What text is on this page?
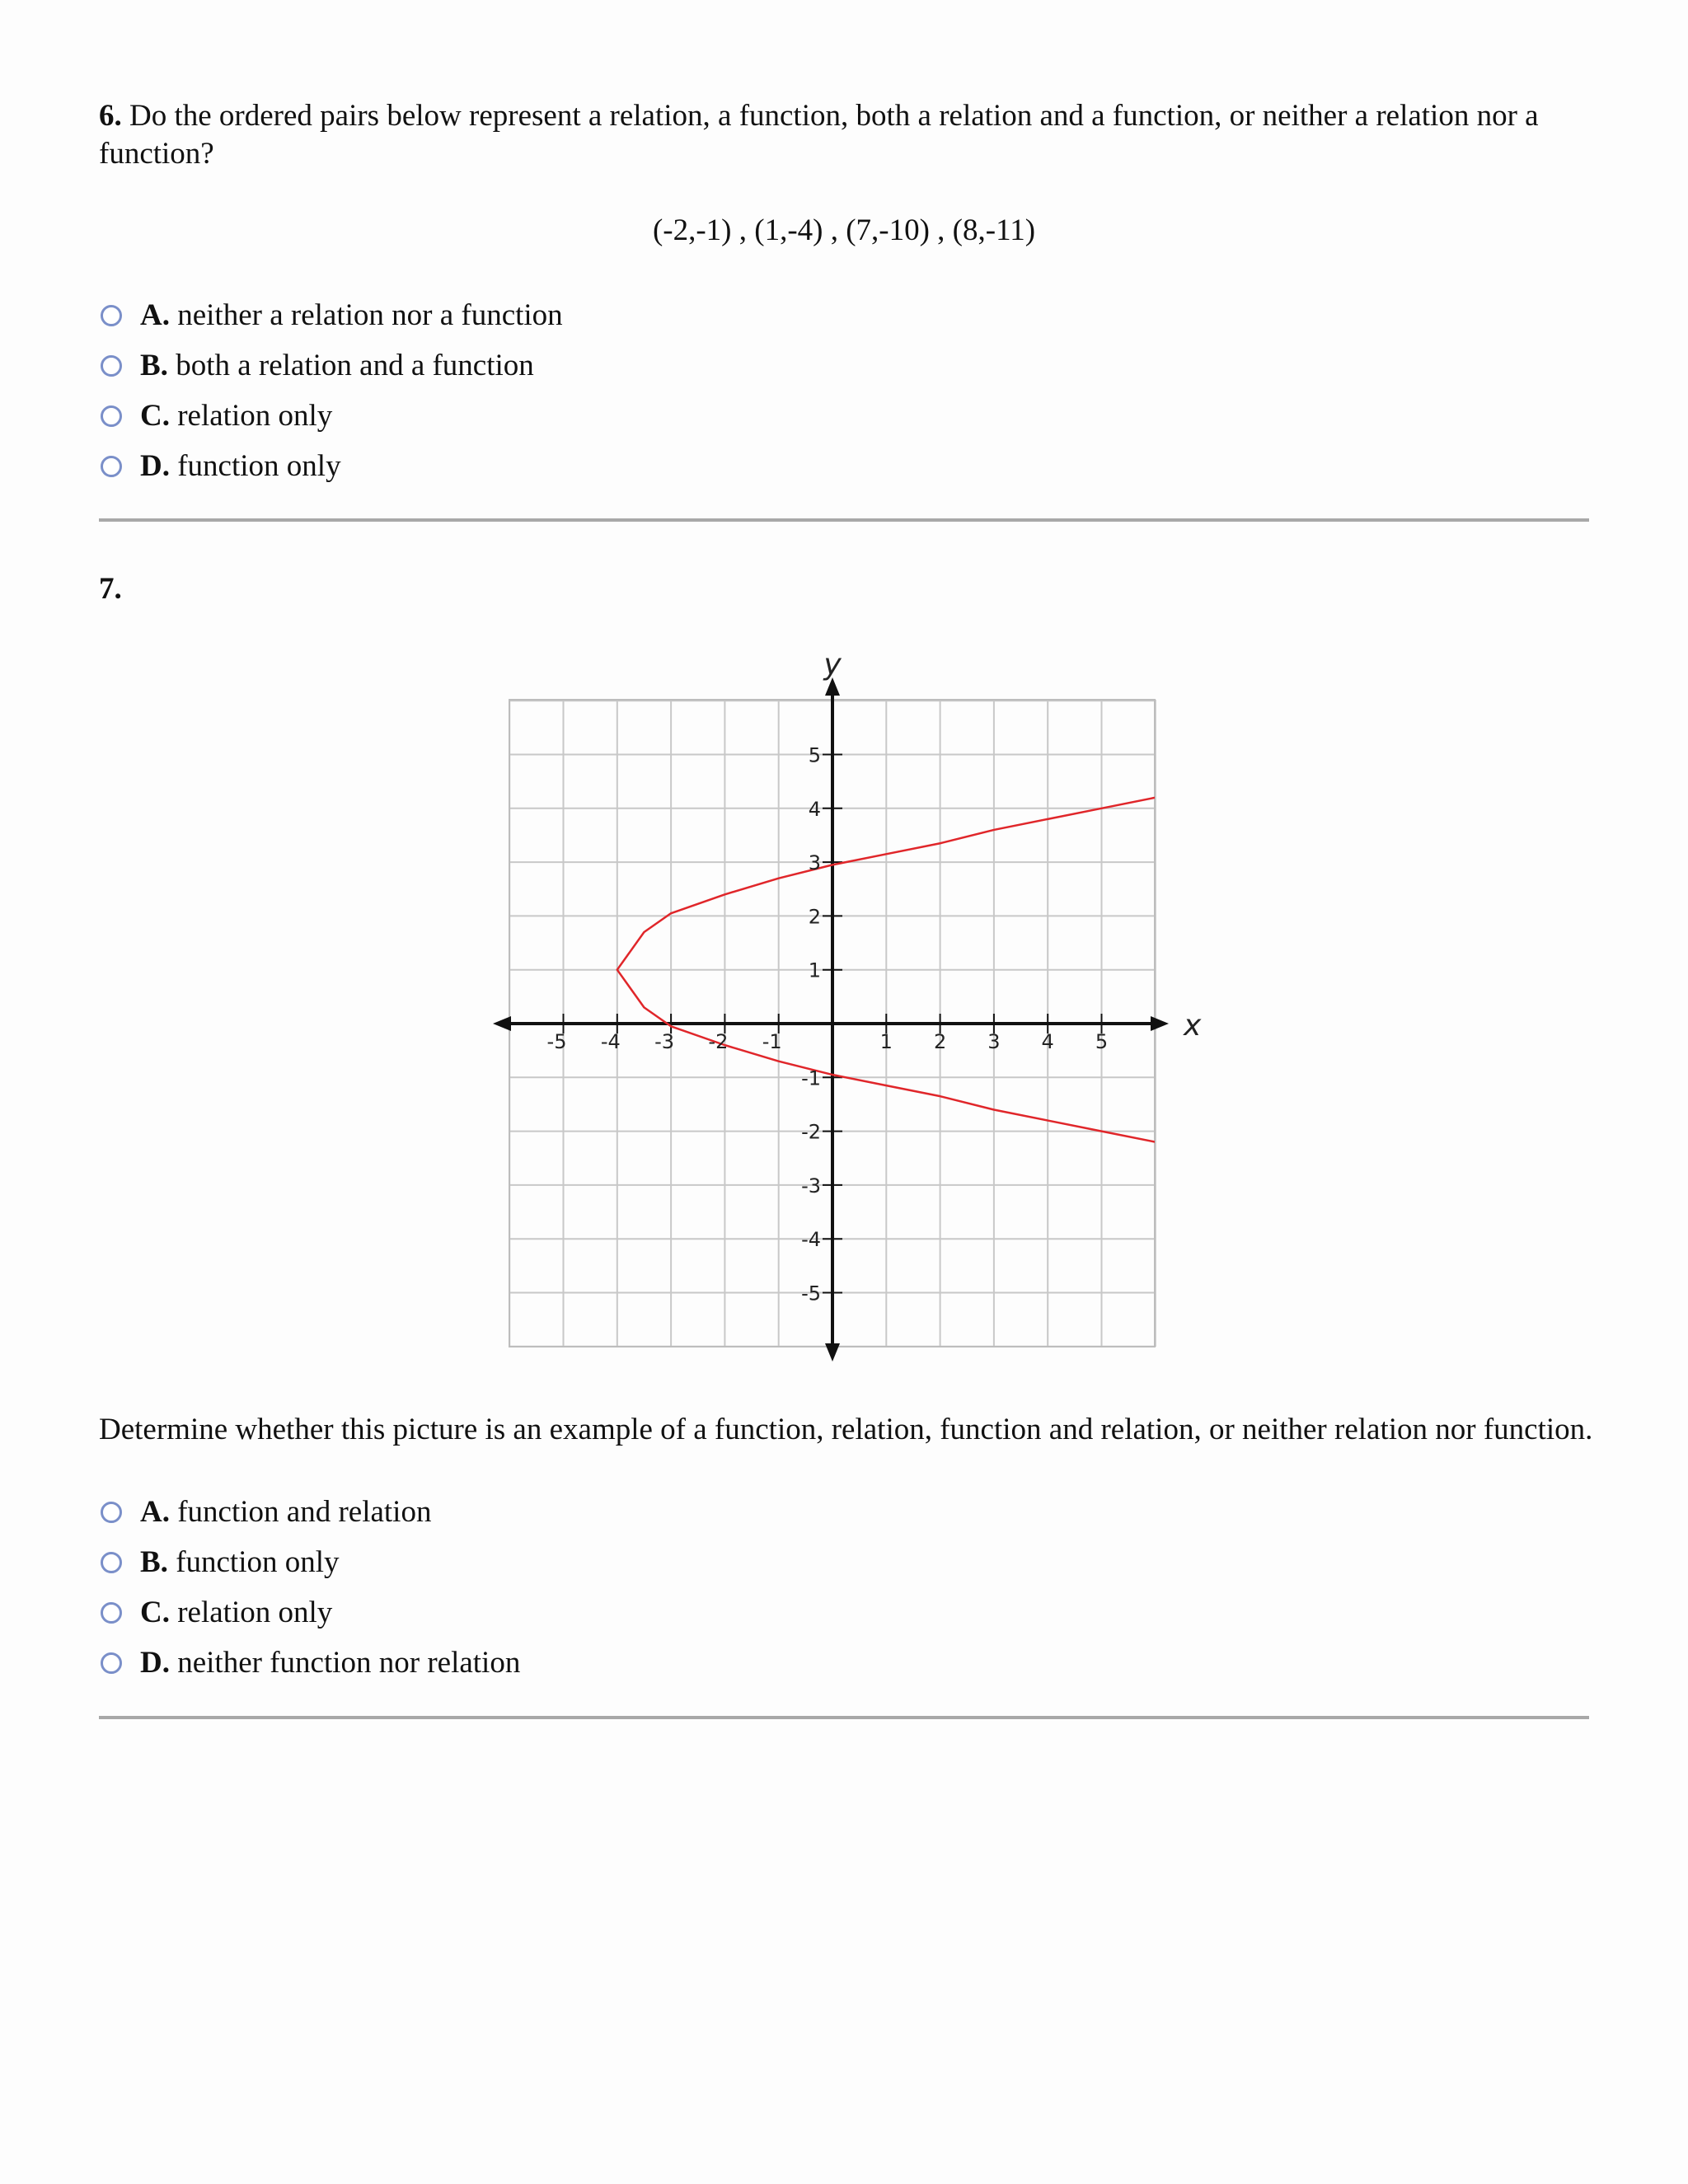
6. Do the ordered pairs below represent a relation, a function, both a relation and a function, or neither a relation nor a function?
(-2,-1) , (1,-4) , (7,-10) , (8,-11)
A. neither a relation nor a function
B. both a relation and a function
C. relation only
D. function only
7.
-5 -4 -3 -2 -1	1 2 3 4 5
-5
-4
-3
-2
-1
1
2
3
4
5
x
y
Determine whether this picture is an example of a function, relation, function and relation, or neither relation nor function.
A. function and relation
B. function only
C. relation only
D. neither function nor relation
